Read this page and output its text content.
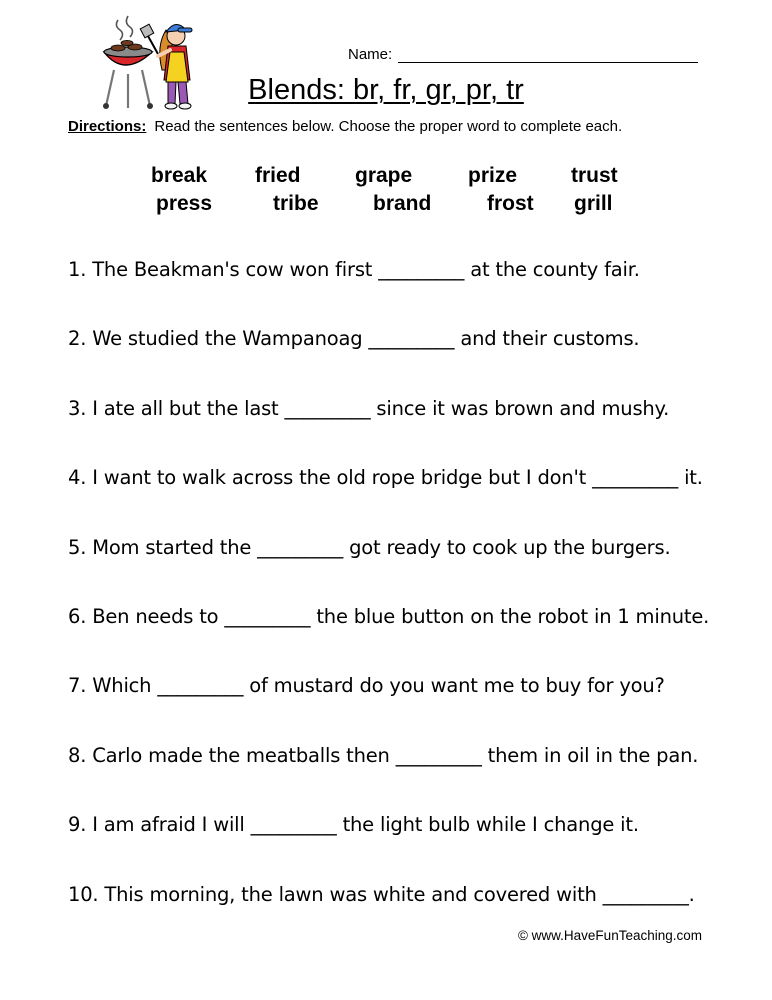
Name:
Blends: br, fr, gr, pr, tr
Directions: Read the sentences below. Choose the proper word to complete each.
break fried	grape	prize	trust
press	tribe	brand	frost grill
1. The Beakman's cow won first _________ at the county fair.
2. We studied the Wampanoag _________ and their customs.
3. I ate all but the last _________ since it was brown and mushy.
4. I want to walk across the old rope bridge but I don't _________ it.
5. Mom started the _________ got ready to cook up the burgers.
6. Ben needs to _________ the blue button on the robot in 1 minute.
7. Which _________ of mustard do you want me to buy for you?
8. Carlo made the meatballs then _________ them in oil in the pan.
9. I am afraid I will _________ the light bulb while I change it.
10. This morning, the lawn was white and covered with _________.
© www.HaveFunTeaching.com
